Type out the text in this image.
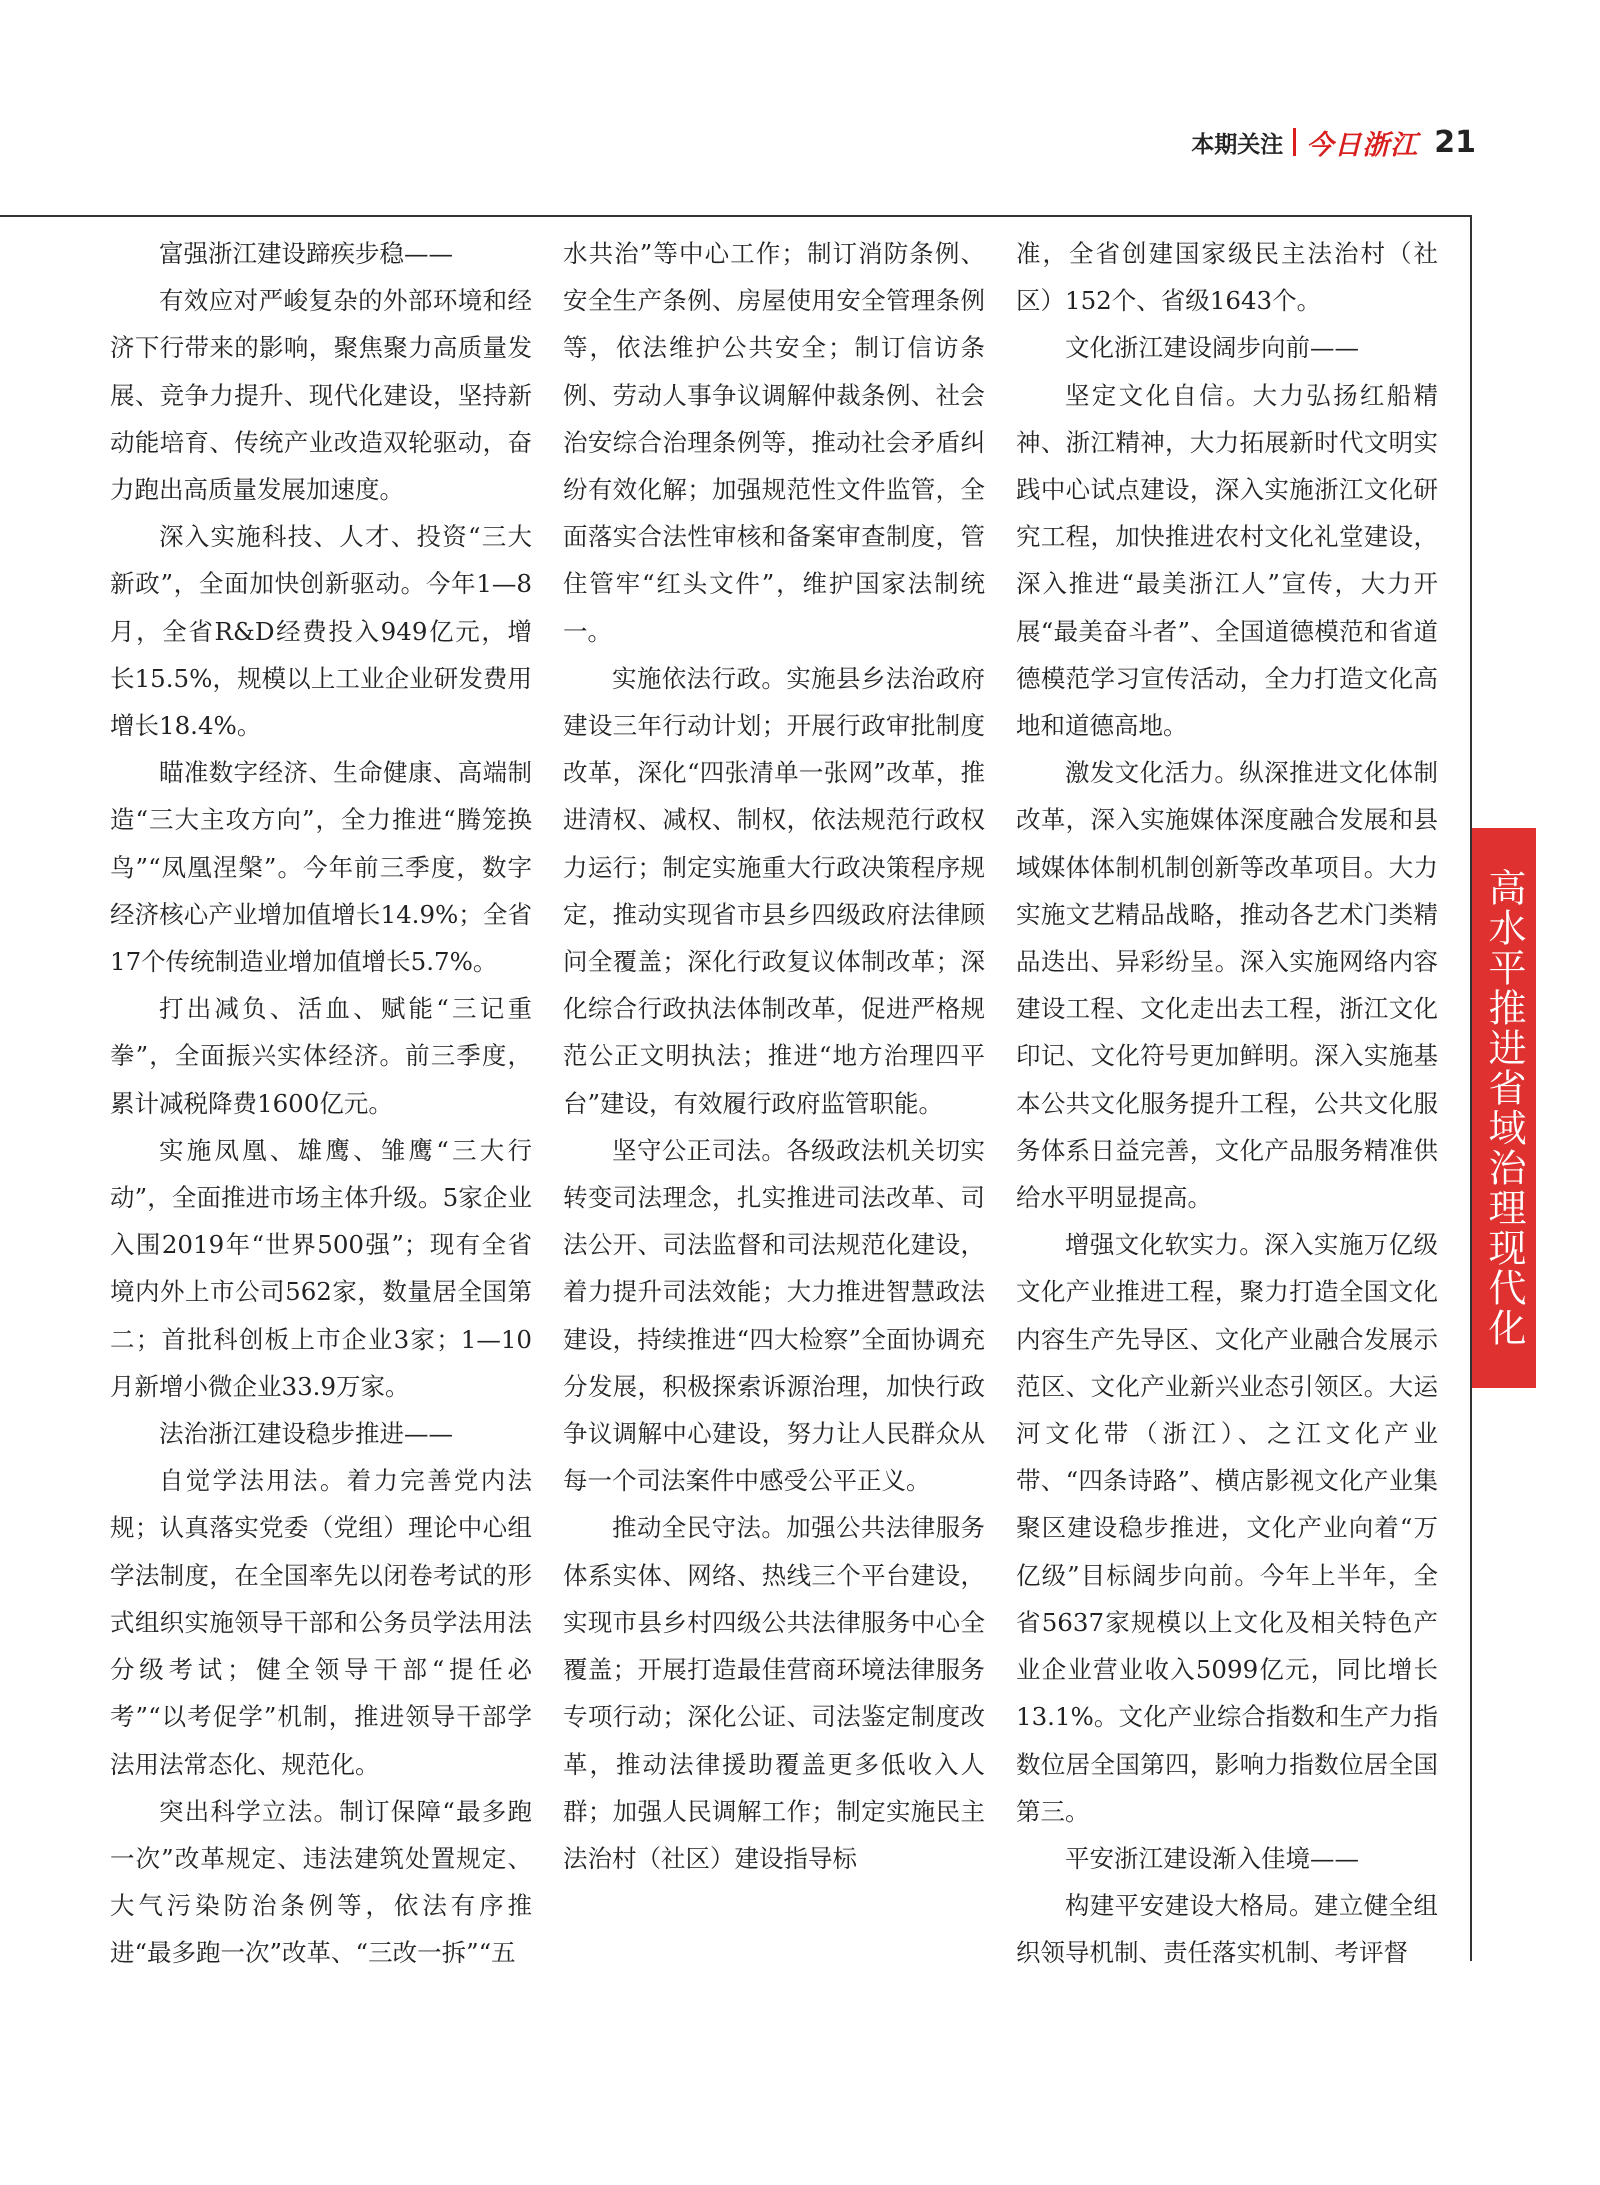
本期关注 今日浙江 21

富强浙江建设蹄疾步稳——

有效应对严峻复杂的外部环境和经济下行带来的影响，聚焦聚力高质量发展、竞争力提升、现代化建设，坚持新动能培育、传统产业改造双轮驱动，奋力跑出高质量发展加速度。

深入实施科技、人才、投资“三大新政”，全面加快创新驱动。今年1—8月，全省R&D经费投入949亿元，增长15.5%，规模以上工业企业研发费用增长18.4%。

瞄准数字经济、生命健康、高端制造“三大主攻方向”，全力推进“腾笼换鸟”“凤凰涅槃”。今年前三季度，数字经济核心产业增加值增长14.9%；全省17个传统制造业增加值增长5.7%。

打出减负、活血、赋能“三记重拳”，全面振兴实体经济。前三季度，累计减税降费1600亿元。

实施凤凰、雄鹰、雏鹰“三大行动”，全面推进市场主体升级。5家企业入围2019年“世界500强”；现有全省境内外上市公司562家，数量居全国第二；首批科创板上市企业3家；1—10月新增小微企业33.9万家。

法治浙江建设稳步推进——

自觉学法用法。着力完善党内法规；认真落实党委（党组）理论中心组学法制度，在全国率先以闭卷考试的形式组织实施领导干部和公务员学法用法分级考试；健全领导干部“提任必考”“以考促学”机制，推进领导干部学法用法常态化、规范化。

突出科学立法。制订保障“最多跑一次”改革规定、违法建筑处置规定、大气污染防治条例等，依法有序推进“最多跑一次”改革、“三改一拆”“五

水共治”等中心工作；制订消防条例、安全生产条例、房屋使用安全管理条例等，依法维护公共安全；制订信访条例、劳动人事争议调解仲裁条例、社会治安综合治理条例等，推动社会矛盾纠纷有效化解；加强规范性文件监管，全面落实合法性审核和备案审查制度，管住管牢“红头文件”，维护国家法制统一。

实施依法行政。实施县乡法治政府建设三年行动计划；开展行政审批制度改革，深化“四张清单一张网”改革，推进清权、减权、制权，依法规范行政权力运行；制定实施重大行政决策程序规定，推动实现省市县乡四级政府法律顾问全覆盖；深化行政复议体制改革；深化综合行政执法体制改革，促进严格规范公正文明执法；推进“地方治理四平台”建设，有效履行政府监管职能。

坚守公正司法。各级政法机关切实转变司法理念，扎实推进司法改革、司法公开、司法监督和司法规范化建设，着力提升司法效能；大力推进智慧政法建设，持续推进“四大检察”全面协调充分发展，积极探索诉源治理，加快行政争议调解中心建设，努力让人民群众从每一个司法案件中感受公平正义。

推动全民守法。加强公共法律服务体系实体、网络、热线三个平台建设，实现市县乡村四级公共法律服务中心全覆盖；开展打造最佳营商环境法律服务专项行动；深化公证、司法鉴定制度改革，推动法律援助覆盖更多低收入人群；加强人民调解工作；制定实施民主法治村（社区）建设指导标

准，全省创建国家级民主法治村（社区）152个、省级1643个。

文化浙江建设阔步向前——

坚定文化自信。大力弘扬红船精神、浙江精神，大力拓展新时代文明实践中心试点建设，深入实施浙江文化研究工程，加快推进农村文化礼堂建设，深入推进“最美浙江人”宣传，大力开展“最美奋斗者”、全国道德模范和省道德模范学习宣传活动，全力打造文化高地和道德高地。

激发文化活力。纵深推进文化体制改革，深入实施媒体深度融合发展和县域媒体体制机制创新等改革项目。大力实施文艺精品战略，推动各艺术门类精品迭出、异彩纷呈。深入实施网络内容建设工程、文化走出去工程，浙江文化印记、文化符号更加鲜明。深入实施基本公共文化服务提升工程，公共文化服务体系日益完善，文化产品服务精准供给水平明显提高。

增强文化软实力。深入实施万亿级文化产业推进工程，聚力打造全国文化内容生产先导区、文化产业融合发展示范区、文化产业新兴业态引领区。大运河文化带（浙江）、之江文化产业带、“四条诗路”、横店影视文化产业集聚区建设稳步推进，文化产业向着“万亿级”目标阔步向前。今年上半年，全省5637家规模以上文化及相关特色产业企业营业收入5099亿元，同比增长13.1%。文化产业综合指数和生产力指数位居全国第四，影响力指数位居全国第三。

平安浙江建设渐入佳境——

构建平安建设大格局。建立健全组织领导机制、责任落实机制、考评督

高水平推进省域治理现代化
